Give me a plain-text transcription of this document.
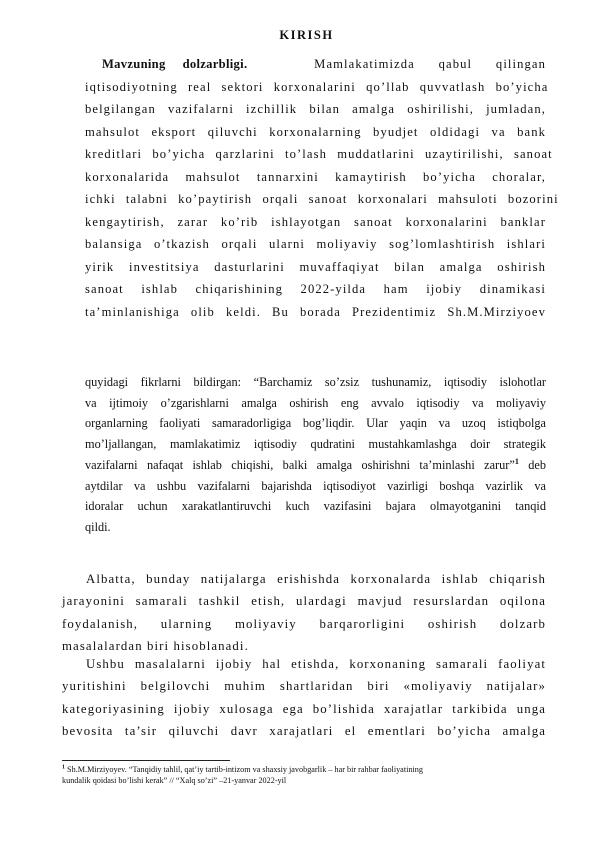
KIRISH
Mavzuning dolzarbligi.	Mamlakatimizda qabul qilingan
iqtisodiyotning real sektori korxonalarini qo’llab quvvatlash bo’yicha
belgilangan vazifalarni izchillik bilan amalga oshirilishi, jumladan,
mahsulot eksport qiluvchi korxonalarning byudjet oldidagi va bank
kreditlari bo’yicha qarzlarini to’lash muddatlarini uzaytirilishi, sanoat
korxonalarida mahsulot tannarxini kamaytirish bo’yicha choralar,
ichki talabni ko’paytirish orqali sanoat korxonalari mahsuloti bozorini
kengaytirish, zarar ko’rib ishlayotgan sanoat korxonalarini banklar
balansiga o’tkazish orqali ularni moliyaviy sog’lomlashtirish ishlari
yirik investitsiya dasturlarini muvaffaqiyat bilan amalga oshirish
sanoat ishlab chiqarishining 2022-yilda ham ijobiy dinamikasi
ta’minlanishiga olib keldi. Bu borada Prezidentimiz Sh.M.Mirziyoev
quyidagi fikrlarni bildirgan: “Barchamiz so’zsiz tushunamiz, iqtisodiy islohotlar
va ijtimoiy o’zgarishlarni amalga oshirish eng avvalo iqtisodiy va moliyaviy
organlarning faoliyati samaradorligiga bog’liqdir. Ular yaqin va uzoq istiqbolga
mo’ljallangan, mamlakatimiz iqtisodiy qudratini mustahkamlashga doir strategik
vazifalarni nafaqat ishlab chiqishi, balki amalga oshirishni ta’minlashi zarur”$^1$ deb
aytdilar va ushbu vazifalarni bajarishda iqtisodiyot vazirligi boshqa vazirlik va
idoralar uchun xarakatlantiruvchi kuch vazifasini bajara olmayotganini tanqid
qildi.
Albatta, bunday natijalarga erishishda korxonalarda ishlab chiqarish
jarayonini samarali tashkil etish, ulardagi mavjud resurslardan oqilona
foydalanish, ularning moliyaviy barqarorligini oshirish dolzarb
masalalardan biri hisoblanadi.
Ushbu masalalarni ijobiy hal etishda, korxonaning samarali faoliyat
yuritishini belgilovchi muhim shartlaridan biri «moliyaviy natijalar»
kategoriyasining ijobiy xulosaga ega bo’lishida xarajatlar tarkibida unga
bevosita ta’sir qiluvchi davr xarajatlari el ementlari bo’yicha amalga
$^1$ Sh.M.Mirziyoyev. “Tanqidiy tahlil, qat’iy tartib-intizom va shaxsiy javobgarlik – har bir rahbar faoliyatining
kundalik qoidasi bo’lishi kerak” // “Xalq so’zi” –21-yanvar 2022-yil
